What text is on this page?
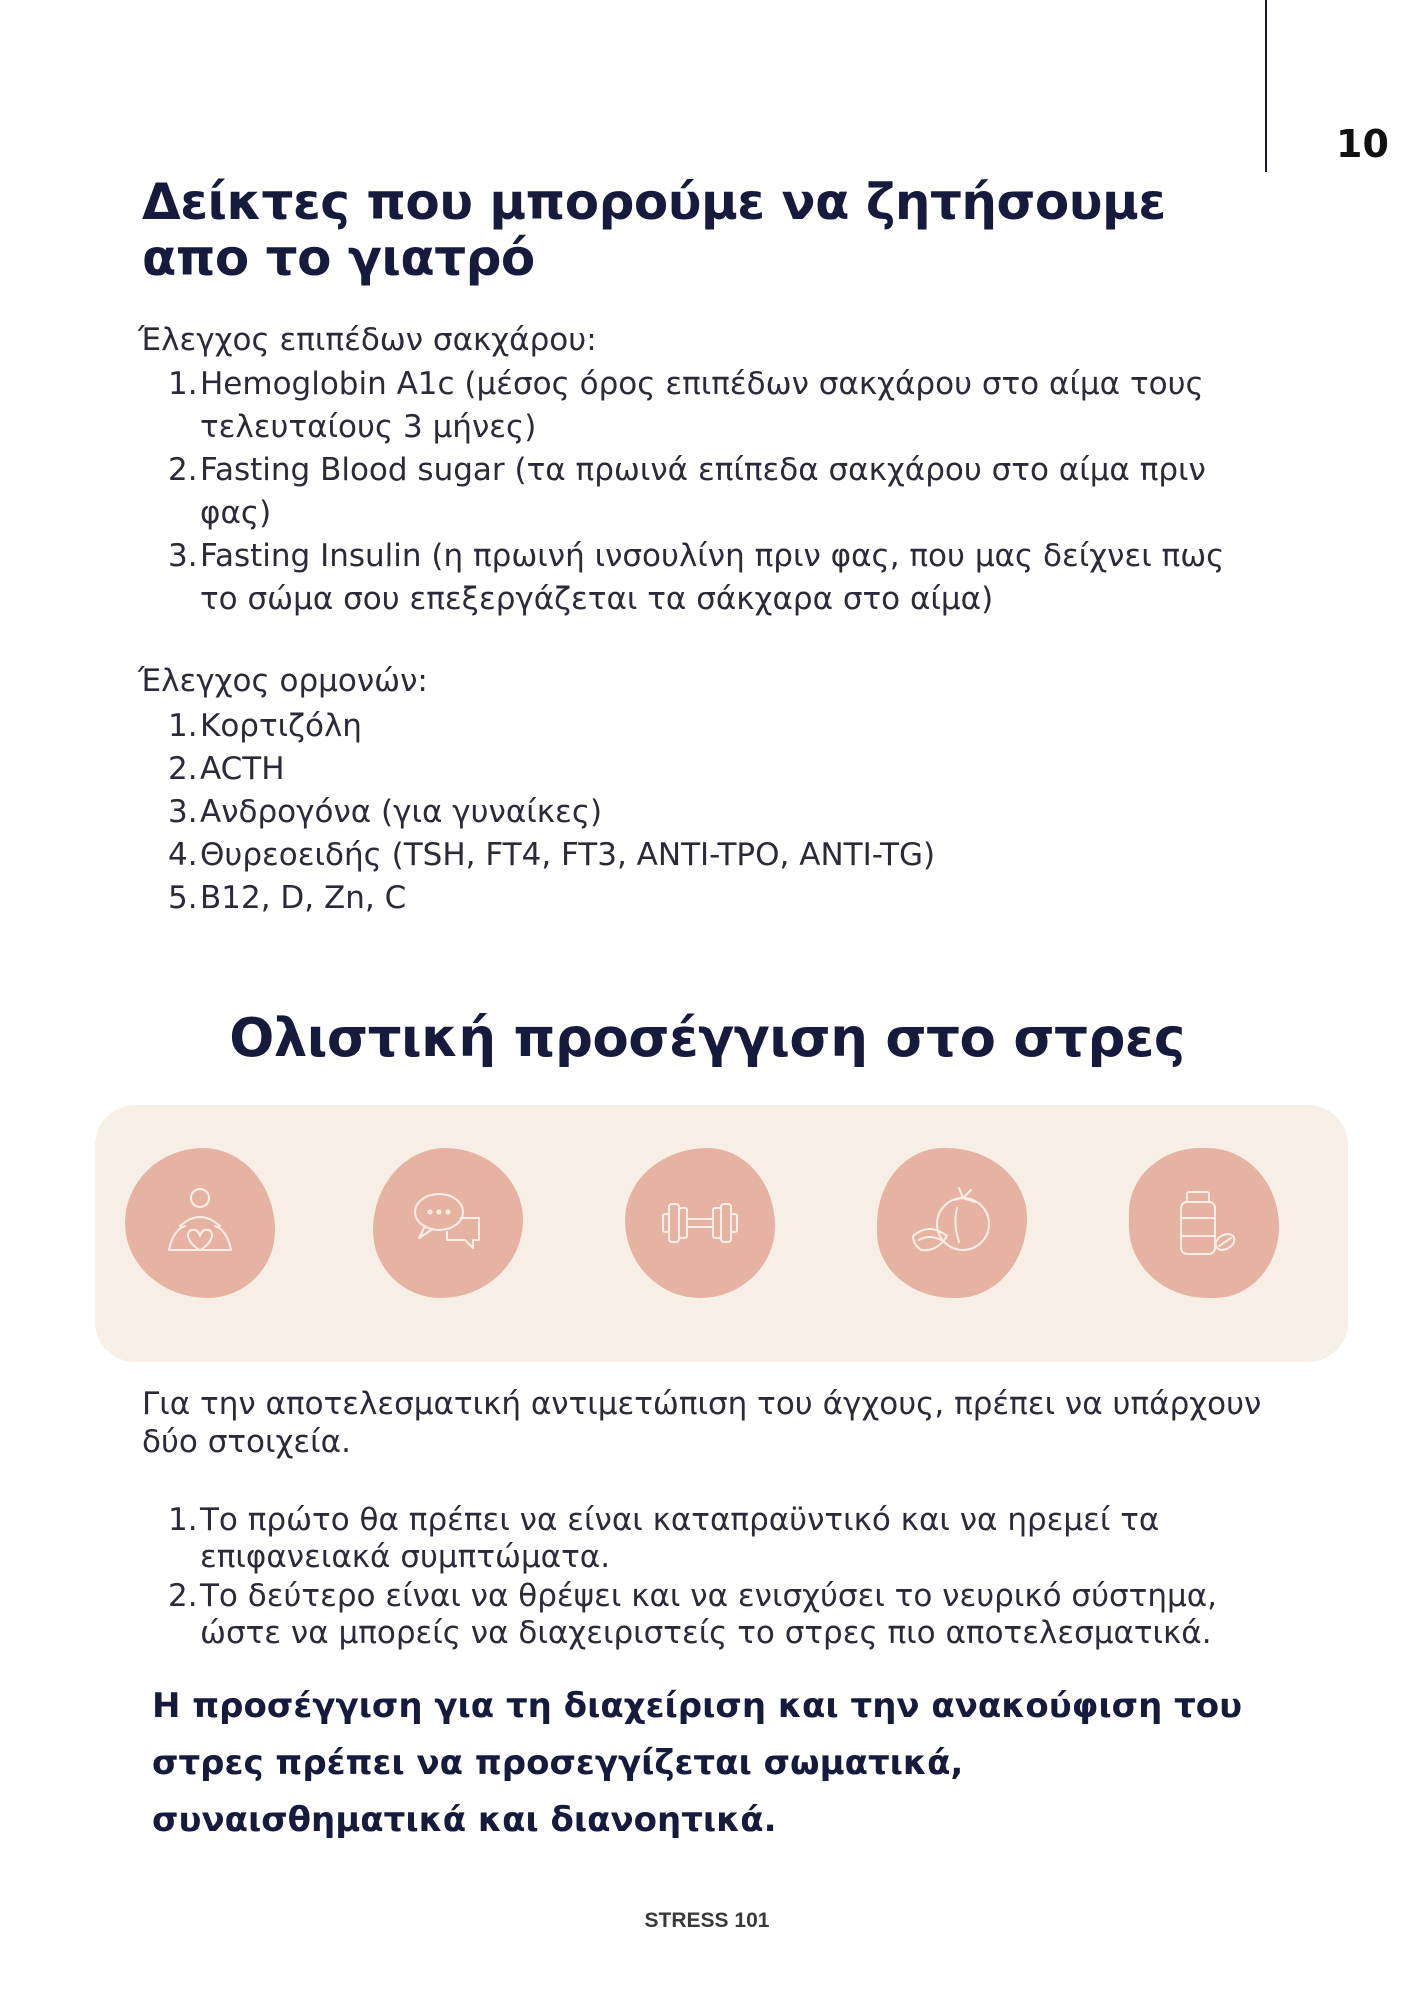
10

Δείκτες που μπορούμε να ζητήσουμε απο το γιατρό

Έλεγχος επιπέδων σακχάρου:

1. Hemoglobin A1c (μέσος όρος επιπέδων σακχάρου στο αίμα τους τελευταίους 3 μήνες)
2. Fasting Blood sugar (τα πρωινά επίπεδα σακχάρου στο αίμα πριν φας)
3. Fasting Insulin (η πρωινή ινσουλίνη πριν φας, που μας δείχνει πως το σώμα σου επεξεργάζεται τα σάκχαρα στο αίμα)

Έλεγχος ορμονών:

1. Κορτιζόλη
2. ACTH
3. Ανδρογόνα (για γυναίκες)
4. Θυρεοειδής (TSH, FT4, FT3, ANTI-TPO, ANTI-TG)
5. B12, D, Zn, C
Ολιστική προσέγγιση στο στρες

Για την αποτελεσματική αντιμετώπιση του άγχους, πρέπει να υπάρχουν δύο στοιχεία.

1. Το πρώτο θα πρέπει να είναι καταπραϋντικό και να ηρεμεί τα επιφανειακά συμπτώματα.
2. Το δεύτερο είναι να θρέψει και να ενισχύσει το νευρικό σύστημα, ώστε να μπορείς να διαχειριστείς το στρες πιο αποτελεσματικά.

Η προσέγγιση για τη διαχείριση και την ανακούφιση του στρες πρέπει να προσεγγίζεται σωματικά, συναισθηματικά και διανοητικά.

STRESS 101
